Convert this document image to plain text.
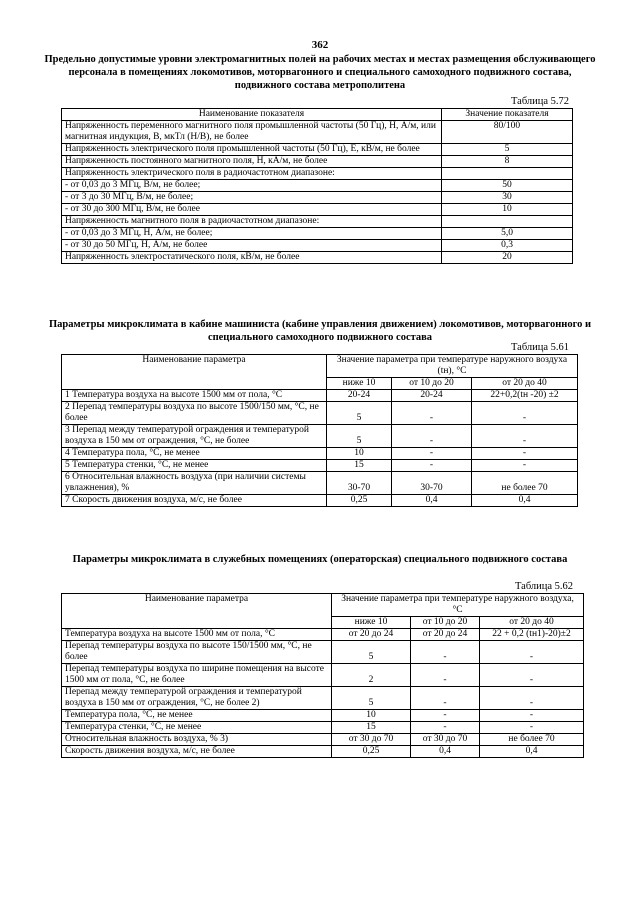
362
Предельно допустимые уровни электромагнитных полей на рабочих местах и местах размещения обслуживающего персонала в помещениях локомотивов, моторвагонного и специального самоходного подвижного состава, подвижного состава метрополитена
Таблица 5.72
Наименование показателя	Значение показателя
Напряженность переменного магнитного поля промышленной частоты (50 Гц), Н, А/м, или магнитная индукция, В, мкТл (Н/В), не более	80/100
Напряженность электрического поля промышленной частоты (50 Гц), Е, кВ/м, не более	5
Напряженность постоянного магнитного поля, Н, кА/м, не более	8
Напряженность электрического поля в радиочастотном диапазоне:	
- от 0,03 до 3 МГц, В/м, не более;	50
- от 3 до 30 МГц, В/м, не более;	30
- от 30 до 300 МГц, В/м, не более	10
Напряженность магнитного поля в радиочастотном диапазоне:	
- от 0,03 до 3 МГц, Н, А/м, не более;	5,0
- от 30 до 50 МГц, Н, А/м, не более	0,3
Напряженность электростатического поля, кВ/м, не более	20
Параметры микроклимата в кабине машиниста (кабине управления движением) локомотивов, моторвагонного и специального самоходного подвижного состава
Таблица 5.61
Наименование параметра	Значение параметра при температуре наружного воздуха (tн), °С		
	ниже 10	от 10 до 20	от 20 до 40
1 Температура воздуха на высоте 1500 мм от пола, °С	20-24	20-24	22+0,2(tн -20) ±2
2 Перепад температуры воздуха по высоте 1500/150 мм, °С, не более	5	-	-
3 Перепад между температурой ограждения и температурой воздуха в 150 мм от ограждения, °С, не более	5	-	-
4 Температура пола, °С, не менее	10	-	-
5 Температура стенки, °С, не менее	15	-	-
6 Относительная влажность воздуха (при наличии системы увлажнения), %	30-70	30-70	не более 70
7 Скорость движения воздуха, м/с, не более	0,25	0,4	0,4
Параметры микроклимата в служебных помещениях (операторская) специального подвижного состава
Таблица 5.62
Наименование параметра	Значение параметра при температуре наружного воздуха, °С		
	ниже 10	от 10 до 20	от 20 до 40
Температура воздуха на высоте 1500 мм от пола, °С	от 20 до 24	от 20 до 24	22 + 0,2 (tн1)-20)±2
Перепад температуры воздуха по высоте 150/1500 мм, °С, не более	5	-	-
Перепад температуры воздуха по ширине помещения на высоте 1500 мм от пола, °С, не более	2	-	-
Перепад между температурой ограждения и температурой воздуха в 150 мм от ограждения, °С, не более 2)	5	-	-
Температура пола, °С, не менее	10	-	-
Температура стенки, °С, не менее	15	-	-
Относительная влажность воздуха, % 3)	от 30 до 70	от 30 до 70	не более 70
Скорость движения воздуха, м/с, не более	0,25	0,4	0,4
